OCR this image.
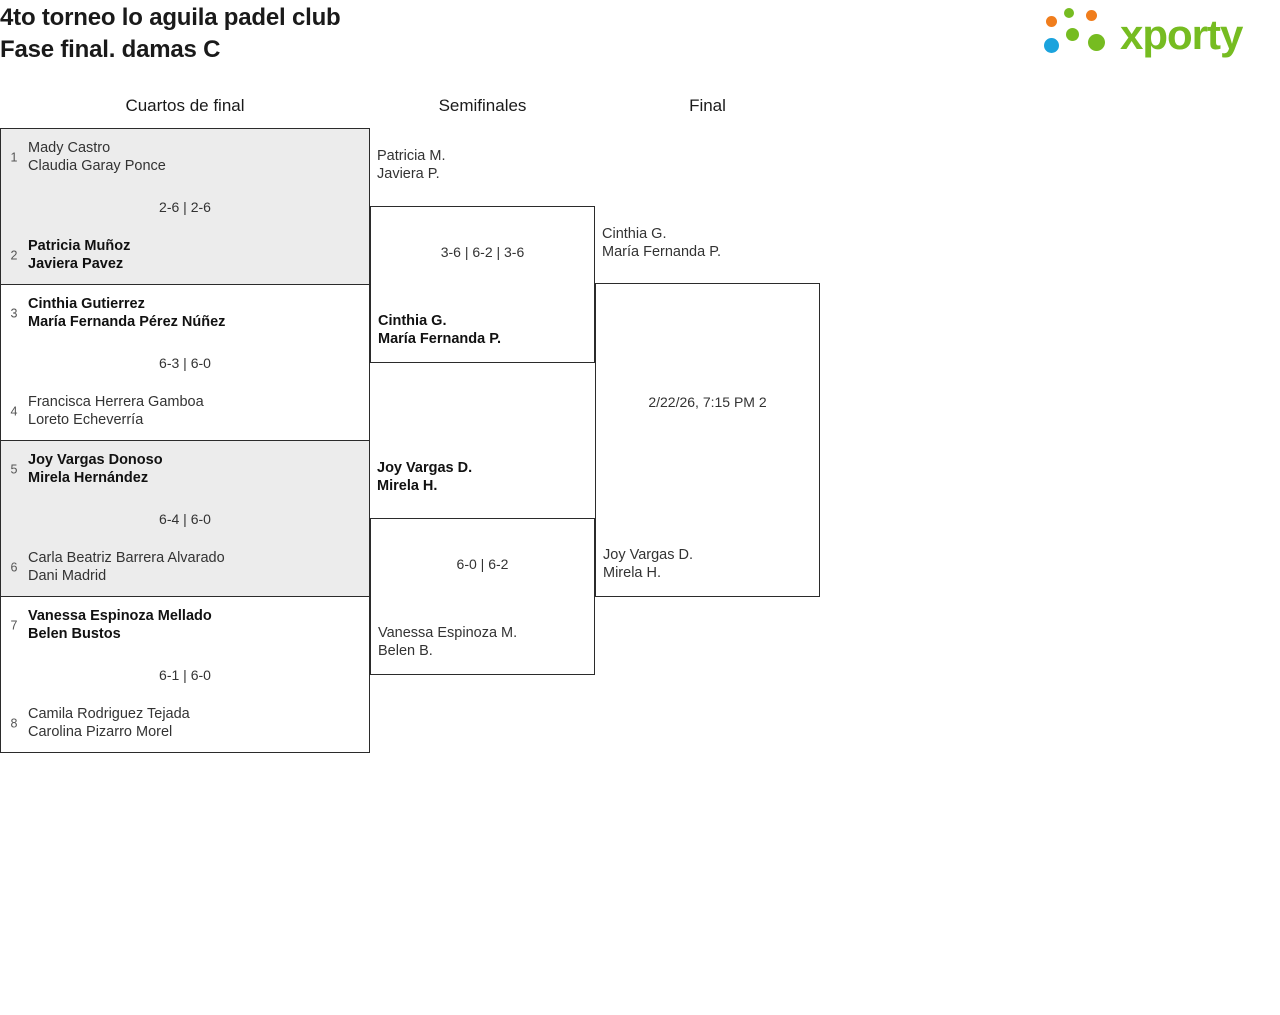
4to torneo lo aguila padel club
Fase final. damas C	xporty
Cuartos de final	Semifinales	Final
1
Mady Castro
Claudia Garay Ponce
2-6 | 2-6
2
Patricia Muñoz
Javiera Pavez
3
Cinthia Gutierrez
María Fernanda Pérez Núñez
6-3 | 6-0
4
Francisca Herrera Gamboa
Loreto Echeverría
5
Joy Vargas Donoso
Mirela Hernández
6-4 | 6-0
6
Carla Beatriz Barrera Alvarado
Dani Madrid
7
Vanessa Espinoza Mellado
Belen Bustos
6-1 | 6-0
8
Camila Rodriguez Tejada
Carolina Pizarro Morel
Patricia M.
Javiera P.
3-6 | 6-2 | 3-6
Cinthia G.
María Fernanda P.
Joy Vargas D.
Mirela H.
6-0 | 6-2
Vanessa Espinoza M.
Belen B.
Cinthia G.
María Fernanda P.
2/22/26, 7:15 PM 2
Joy Vargas D.
Mirela H.
